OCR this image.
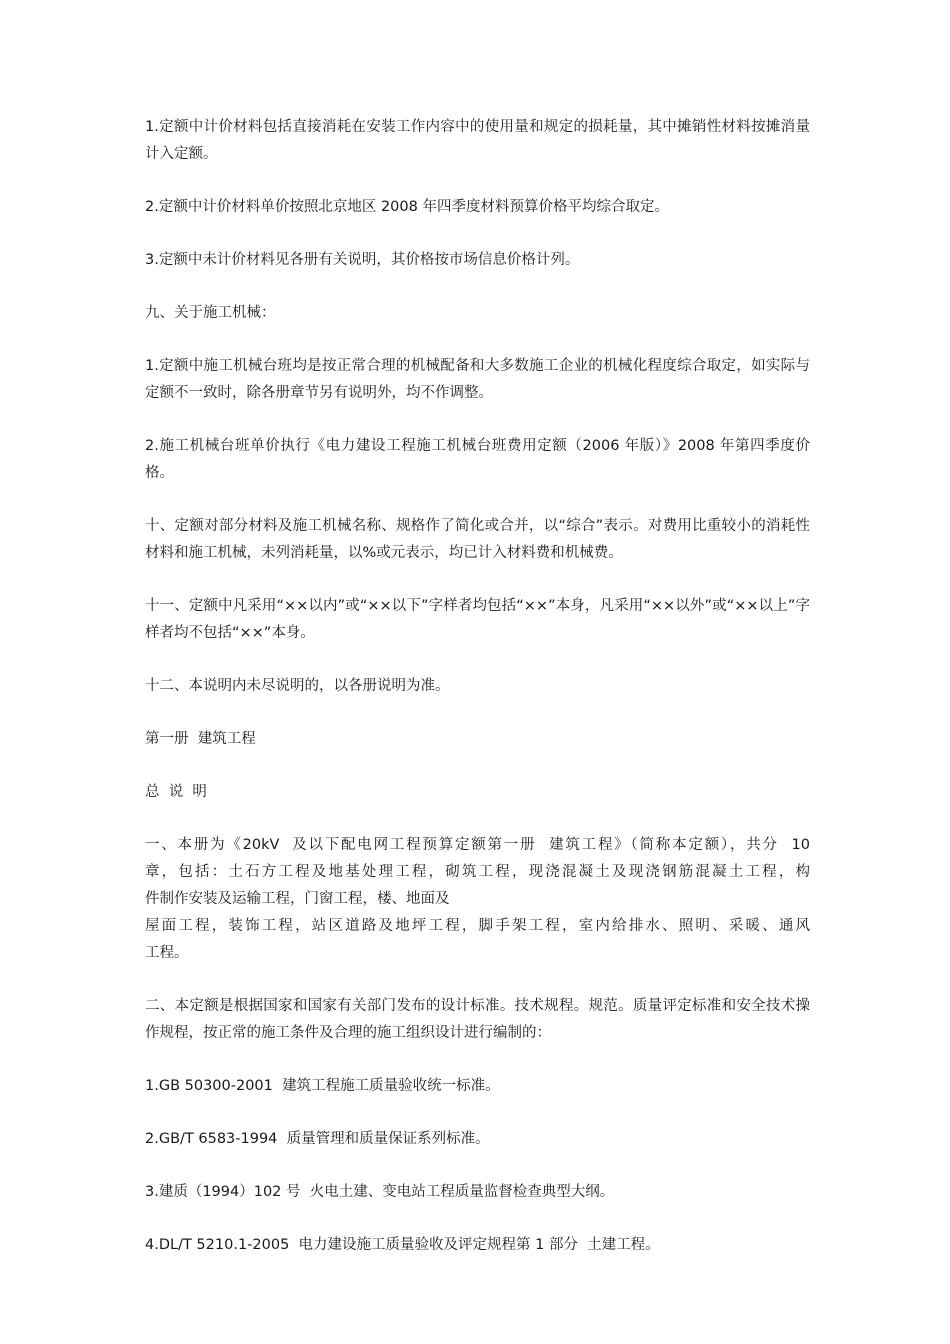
1.定额中计价材料包括直接消耗在安装工作内容中的使用量和规定的损耗量，其中摊销性材料按摊消量计入定额。

2.定额中计价材料单价按照北京地区 2008 年四季度材料预算价格平均综合取定。

3.定额中未计价材料见各册有关说明，其价格按市场信息价格计列。

九、关于施工机械：

1.定额中施工机械台班均是按正常合理的机械配备和大多数施工企业的机械化程度综合取定，如实际与定额不一致时，除各册章节另有说明外，均不作调整。

2.施工机械台班单价执行《电力建设工程施工机械台班费用定额（2006 年版）》2008 年第四季度价格。

十、定额对部分材料及施工机械名称、规格作了简化或合并，以“综合”表示。对费用比重较小的消耗性材料和施工机械，未列消耗量，以%或元表示，均已计入材料费和机械费。

十一、定额中凡采用“××以内”或“××以下”字样者均包括“××”本身，凡采用“××以外”或“××以上”字样者均不包括“××”本身。

十二、本说明内未尽说明的，以各册说明为准。

第一册  建筑工程

总  说  明

一、本册为《20kV  及以下配电网工程预算定额第一册  建筑工程》（简称本定额），共分  10
章，包括：土石方工程及地基处理工程，砌筑工程，现浇混凝土及现浇钢筋混凝土工程，构
件制作安装及运输工程，门窗工程，楼、地面及
屋面工程，装饰工程，站区道路及地坪工程，脚手架工程，室内给排水、照明、采暖、通风
工程。

二、本定额是根据国家和国家有关部门发布的设计标准。技术规程。规范。质量评定标准和安全技术操作规程，按正常的施工条件及合理的施工组织设计进行编制的：

1.GB 50300-2001  建筑工程施工质量验收统一标准。

2.GB/T 6583-1994  质量管理和质量保证系列标准。

3.建质（1994）102 号  火电土建、变电站工程质量监督检查典型大纲。

4.DL/T 5210.1-2005  电力建设施工质量验收及评定规程第 1 部分  土建工程。
